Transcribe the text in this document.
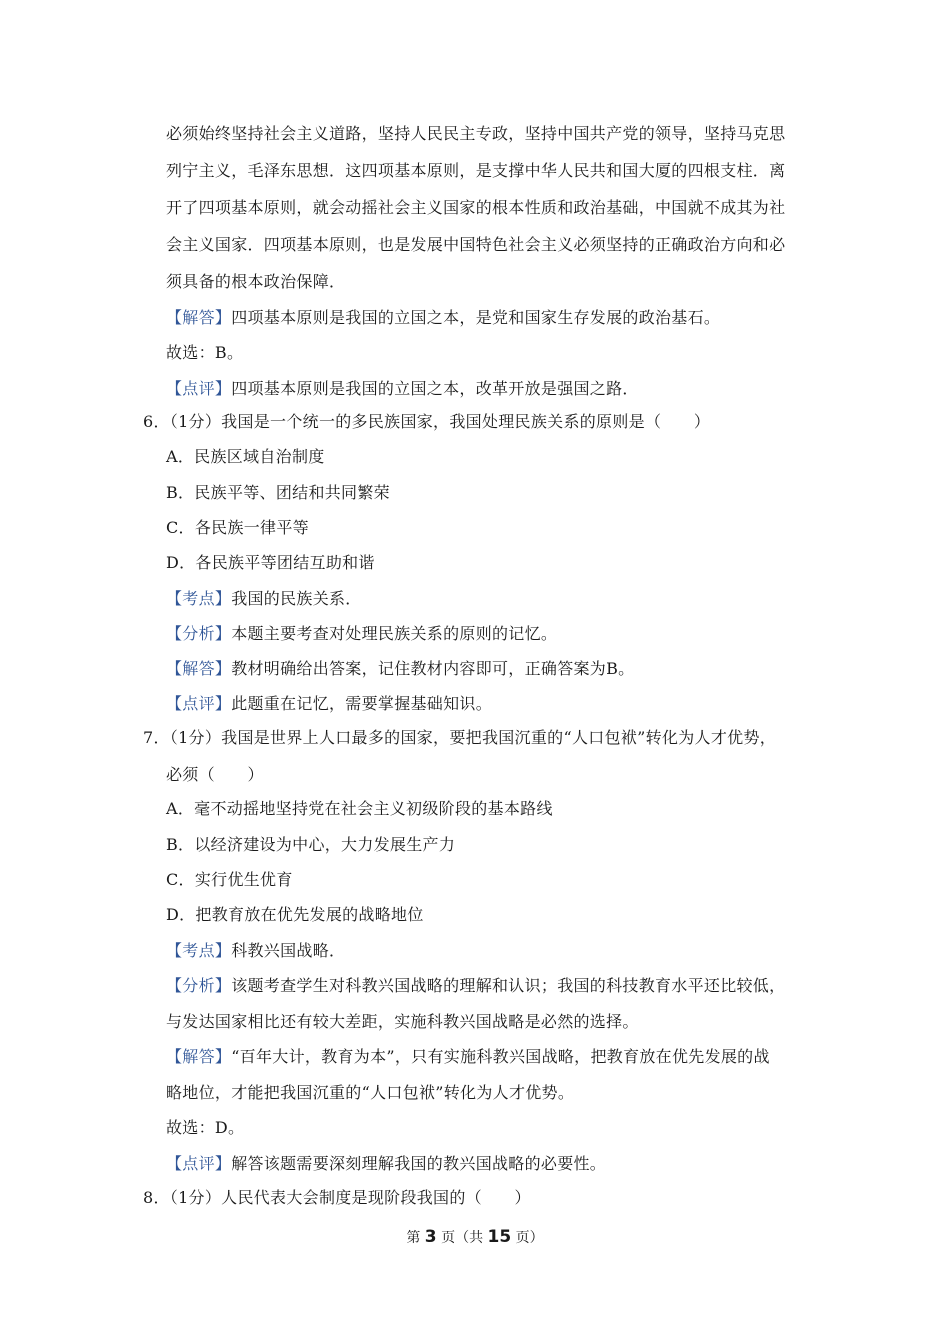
必须始终坚持社会主义道路，坚持人民民主专政，坚持中国共产党的领导，坚持马克思
列宁主义，毛泽东思想．这四项基本原则，是支撑中华人民共和国大厦的四根支柱．离
开了四项基本原则，就会动摇社会主义国家的根本性质和政治基础，中国就不成其为社
会主义国家．四项基本原则，也是发展中国特色社会主义必须坚持的正确政治方向和必
须具备的根本政治保障．
【解答】四项基本原则是我国的立国之本，是党和国家生存发展的政治基石。
故选：B。
【点评】四项基本原则是我国的立国之本，改革开放是强国之路．
6．（1分）我国是一个统一的多民族国家，我国处理民族关系的原则是（　　）
A．民族区域自治制度
B．民族平等、团结和共同繁荣
C．各民族一律平等
D．各民族平等团结互助和谐
【考点】我国的民族关系．
【分析】本题主要考查对处理民族关系的原则的记忆。
【解答】教材明确给出答案，记住教材内容即可，正确答案为B。
【点评】此题重在记忆，需要掌握基础知识。
7．（1分）我国是世界上人口最多的国家，要把我国沉重的“人口包袱”转化为人才优势，
必须（　　）
A．毫不动摇地坚持党在社会主义初级阶段的基本路线
B．以经济建设为中心，大力发展生产力
C．实行优生优育
D．把教育放在优先发展的战略地位
【考点】科教兴国战略．
【分析】该题考查学生对科教兴国战略的理解和认识；我国的科技教育水平还比较低，
与发达国家相比还有较大差距，实施科教兴国战略是必然的选择。
【解答】“百年大计，教育为本”，只有实施科教兴国战略，把教育放在优先发展的战
略地位，才能把我国沉重的“人口包袱”转化为人才优势。
故选：D。
【点评】解答该题需要深刻理解我国的教兴国战略的必要性。
8．（1分）人民代表大会制度是现阶段我国的（　　）
第 3 页（共 15 页）
